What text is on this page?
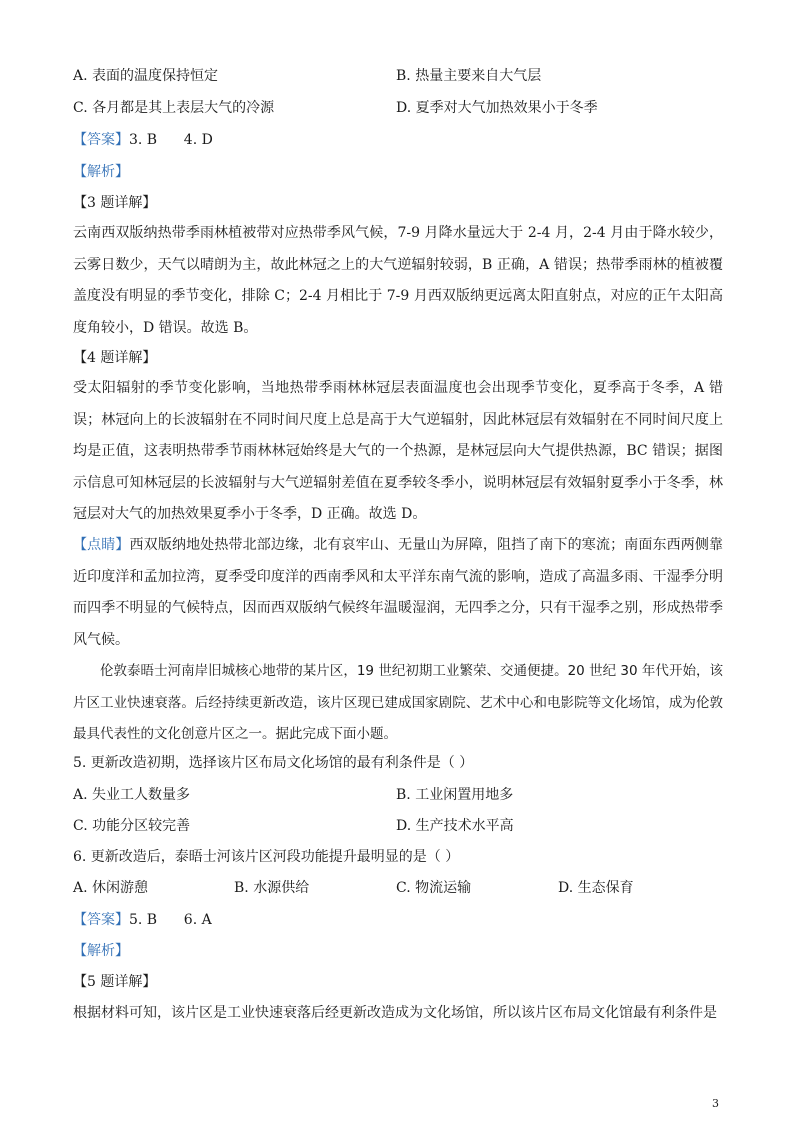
A. 表面的温度保持恒定	B. 热量主要来自大气层
C. 各月都是其上表层大气的冷源	D. 夏季对大气加热效果小于冬季
【答案】3. B      4. D
【解析】
【3 题详解】
云南西双版纳热带季雨林植被带对应热带季风气候，7-9 月降水量远大于 2-4 月，2-4 月由于降水较少，云雾日数少，天气以晴朗为主，故此林冠之上的大气逆辐射较弱，B 正确，A 错误；热带季雨林的植被覆盖度没有明显的季节变化，排除 C；2-4 月相比于 7-9 月西双版纳更远离太阳直射点，对应的正午太阳高度角较小，D 错误。故选 B。
【4 题详解】
受太阳辐射的季节变化影响，当地热带季雨林林冠层表面温度也会出现季节变化，夏季高于冬季，A 错误；林冠向上的长波辐射在不同时间尺度上总是高于大气逆辐射，因此林冠层有效辐射在不同时间尺度上均是正值，这表明热带季节雨林林冠始终是大气的一个热源，是林冠层向大气提供热源，BC 错误；据图示信息可知林冠层的长波辐射与大气逆辐射差值在夏季较冬季小，说明林冠层有效辐射夏季小于冬季，林冠层对大气的加热效果夏季小于冬季，D 正确。故选 D。
【点睛】西双版纳地处热带北部边缘，北有哀牢山、无量山为屏障，阻挡了南下的寒流；南面东西两侧靠近印度洋和孟加拉湾，夏季受印度洋的西南季风和太平洋东南气流的影响，造成了高温多雨、干湿季分明而四季不明显的气候特点，因而西双版纳气候终年温暖湿润，无四季之分，只有干湿季之别，形成热带季风气候。
伦敦泰晤士河南岸旧城核心地带的某片区，19 世纪初期工业繁荣、交通便捷。20 世纪 30 年代开始，该片区工业快速衰落。后经持续更新改造，该片区现已建成国家剧院、艺术中心和电影院等文化场馆，成为伦敦最具代表性的文化创意片区之一。据此完成下面小题。
5. 更新改造初期，选择该片区布局文化场馆的最有利条件是（ ）
A. 失业工人数量多	B. 工业闲置用地多
C. 功能分区较完善	D. 生产技术水平高
6. 更新改造后，泰晤士河该片区河段功能提升最明显的是（ ）
A. 休闲游憩	B. 水源供给	C. 物流运输	D. 生态保育
【答案】5. B      6. A
【解析】
【5 题详解】
根据材料可知，该片区是工业快速衰落后经更新改造成为文化场馆，所以该片区布局文化馆最有利条件是
3
